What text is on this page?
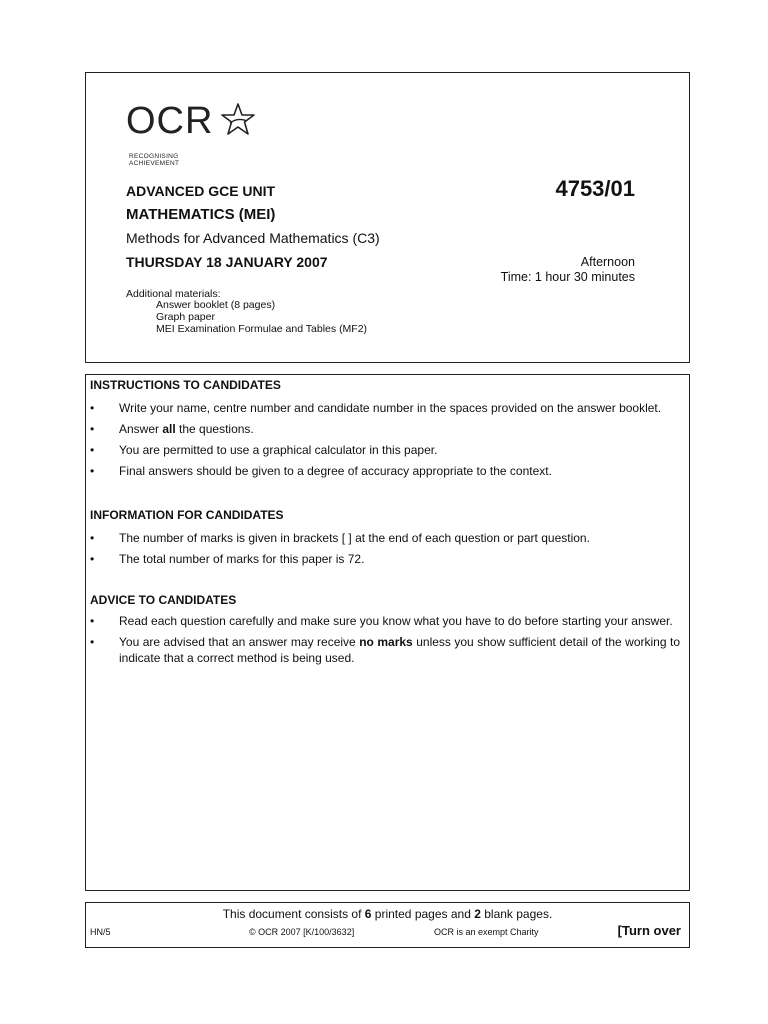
OCR
RECOGNISING ACHIEVEMENT
ADVANCED GCE UNIT
MATHEMATICS (MEI)
Methods for Advanced Mathematics (C3)
THURSDAY 18 JANUARY 2007
4753/01
Afternoon
Time: 1 hour 30 minutes
Additional materials:
Answer booklet (8 pages)
Graph paper
MEI Examination Formulae and Tables (MF2)
INSTRUCTIONS TO CANDIDATES
• Write your name, centre number and candidate number in the spaces provided on the answer booklet.
• Answer all the questions.
• You are permitted to use a graphical calculator in this paper.
• Final answers should be given to a degree of accuracy appropriate to the context.
INFORMATION FOR CANDIDATES
• The number of marks is given in brackets [ ] at the end of each question or part question.
• The total number of marks for this paper is 72.
ADVICE TO CANDIDATES
• Read each question carefully and make sure you know what you have to do before starting your answer.
• You are advised that an answer may receive no marks unless you show sufficient detail of the working to indicate that a correct method is being used.
This document consists of 6 printed pages and 2 blank pages.
HN/5	© OCR 2007 [K/100/3632]	OCR is an exempt Charity	[Turn over
